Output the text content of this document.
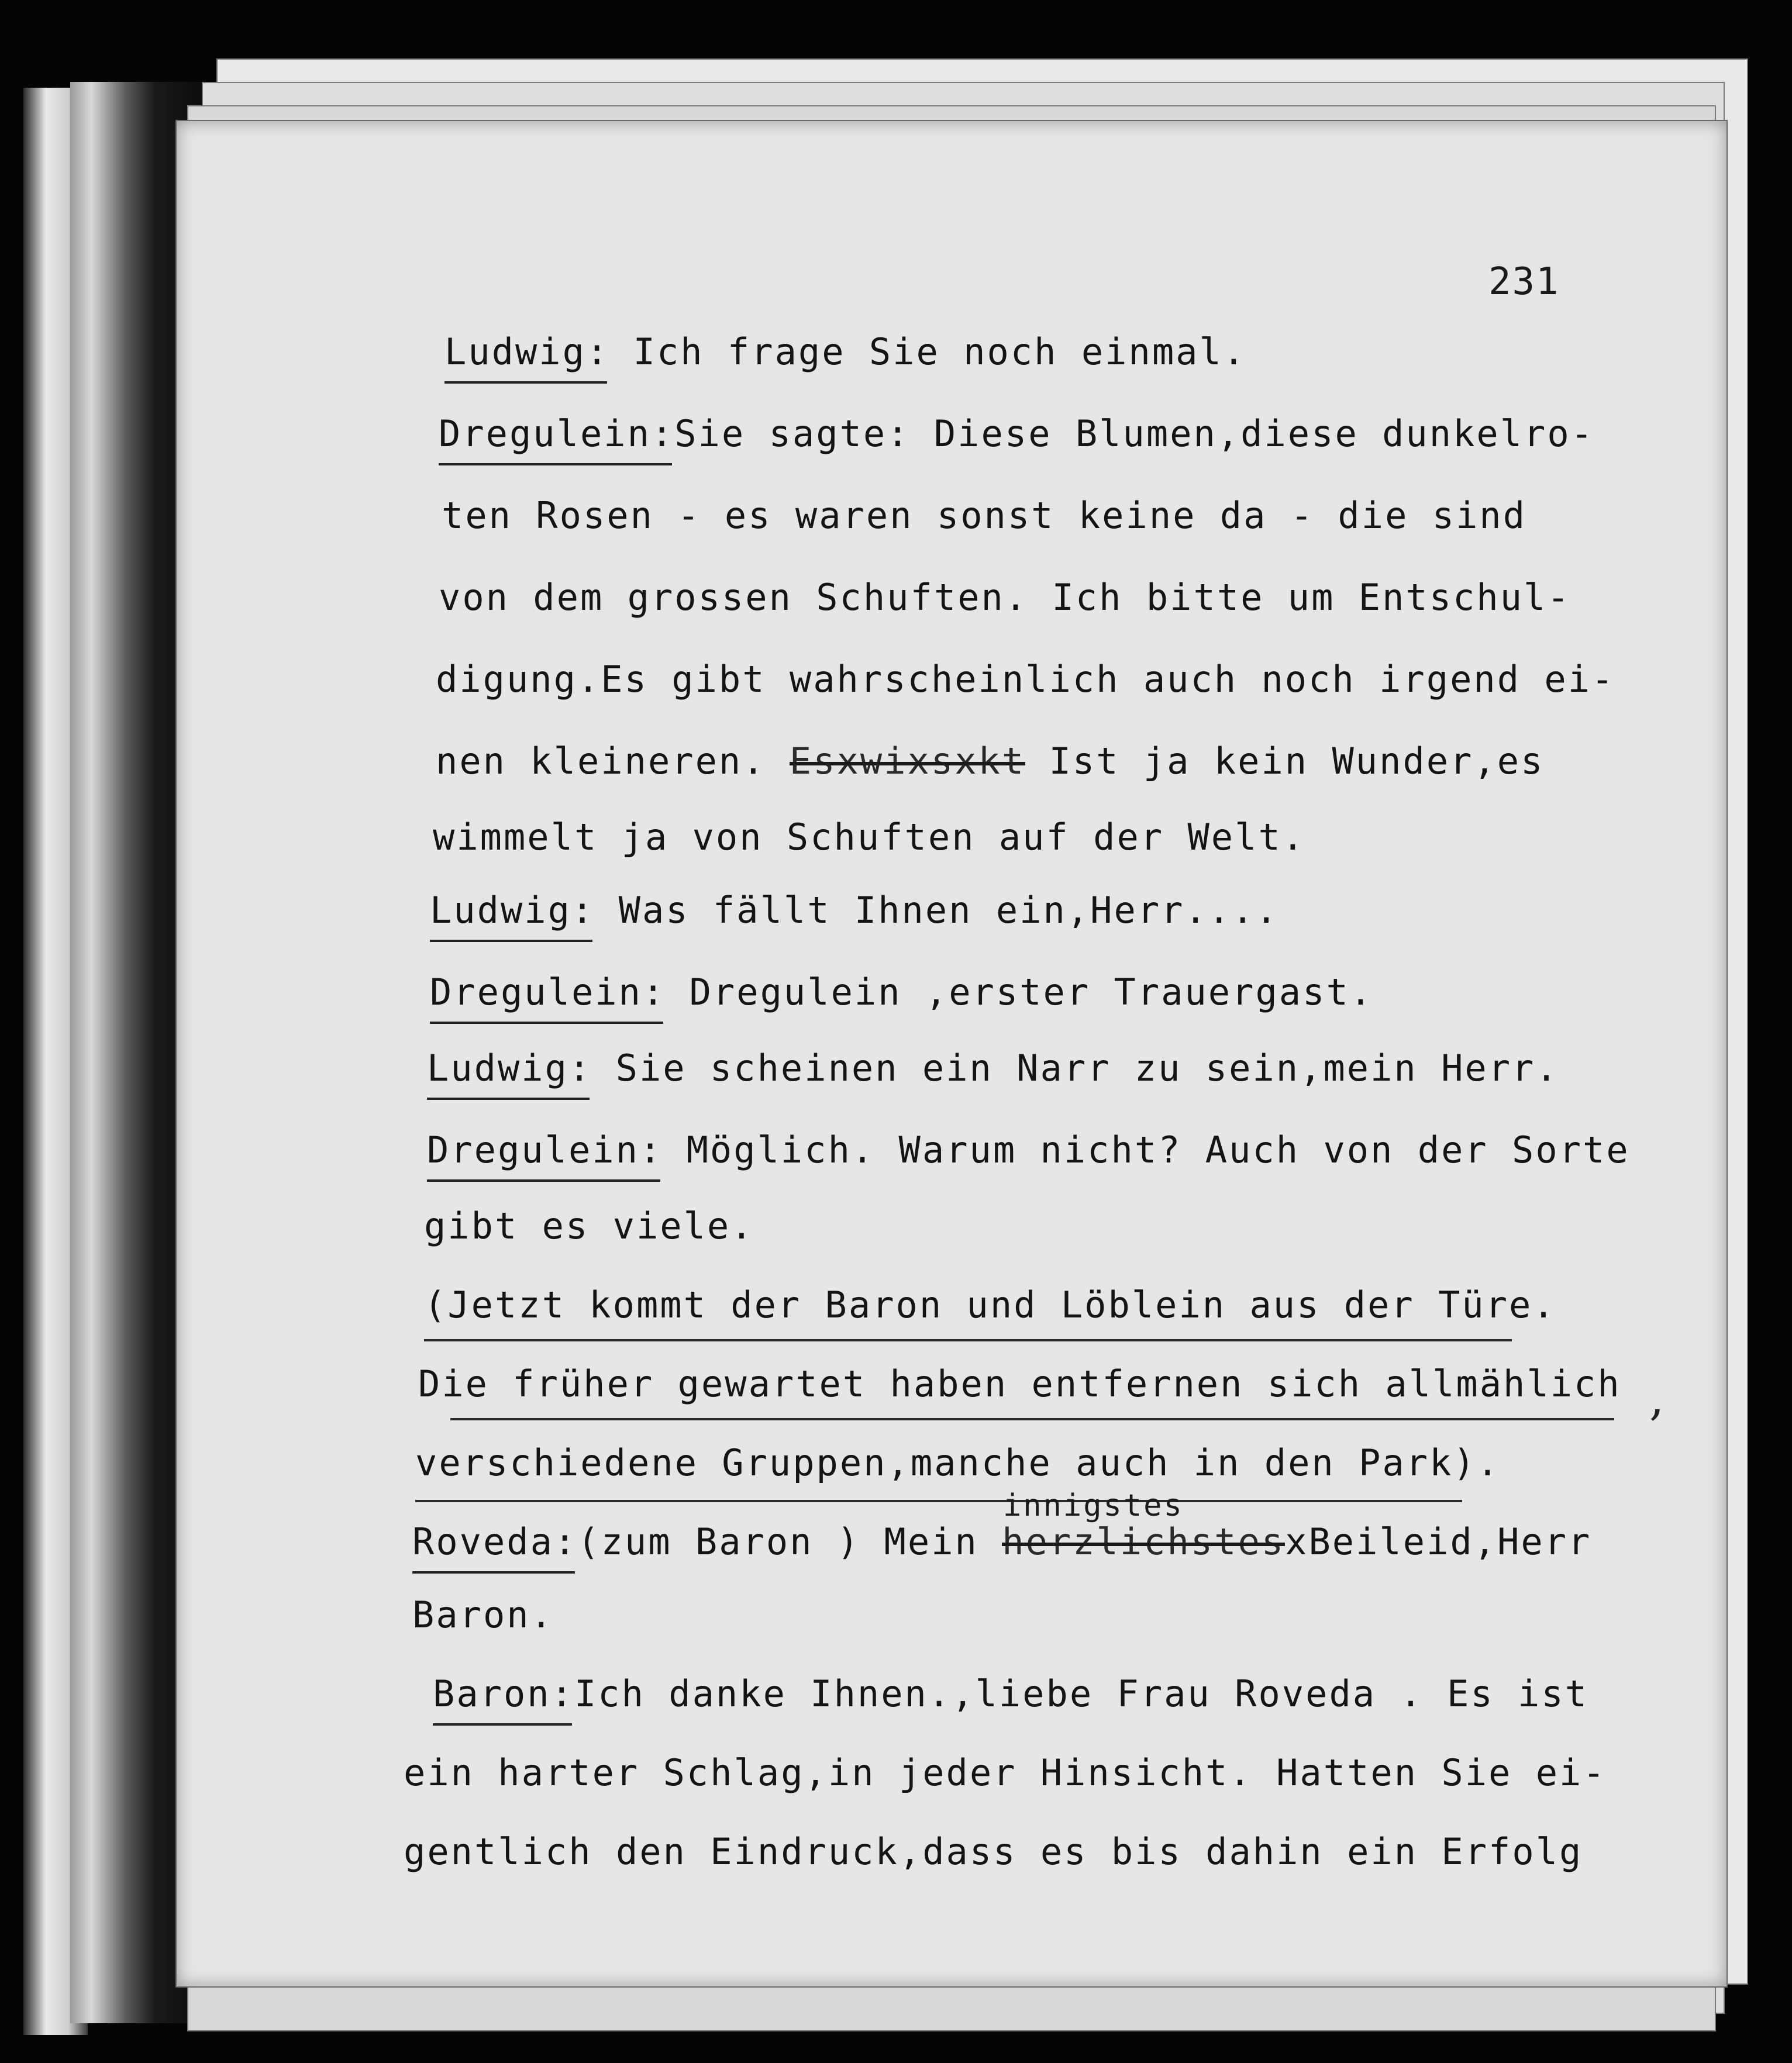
231
Ludwig: Ich frage Sie noch einmal.
Dregulein:Sie sagte: Diese Blumen,diese dunkelro-
ten Rosen - es waren sonst keine da - die sind
von dem grossen Schuften. Ich bitte um Entschul-
digung.Es gibt wahrscheinlich auch noch irgend ei-
nen kleineren. Esxwixsxkt Ist ja kein Wunder,es
wimmelt ja von Schuften auf der Welt.
Ludwig: Was fällt Ihnen ein,Herr....
Dregulein: Dregulein ,erster Trauergast.
Ludwig: Sie scheinen ein Narr zu sein,mein Herr.
Dregulein: Möglich. Warum nicht? Auch von der Sorte
gibt es viele.
(Jetzt kommt der Baron und Löblein aus der Türe.
Die früher gewartet haben entfernen sich allmählich ,
verschiedene Gruppen,manche auch in den Park).
innigstes
Roveda:(zum Baron ) Mein herzlichstesxBeileid,Herr
Baron.
Baron:Ich danke Ihnen.,liebe Frau Roveda . Es ist
ein harter Schlag,in jeder Hinsicht. Hatten Sie ei-
gentlich den Eindruck,dass es bis dahin ein Erfolg
